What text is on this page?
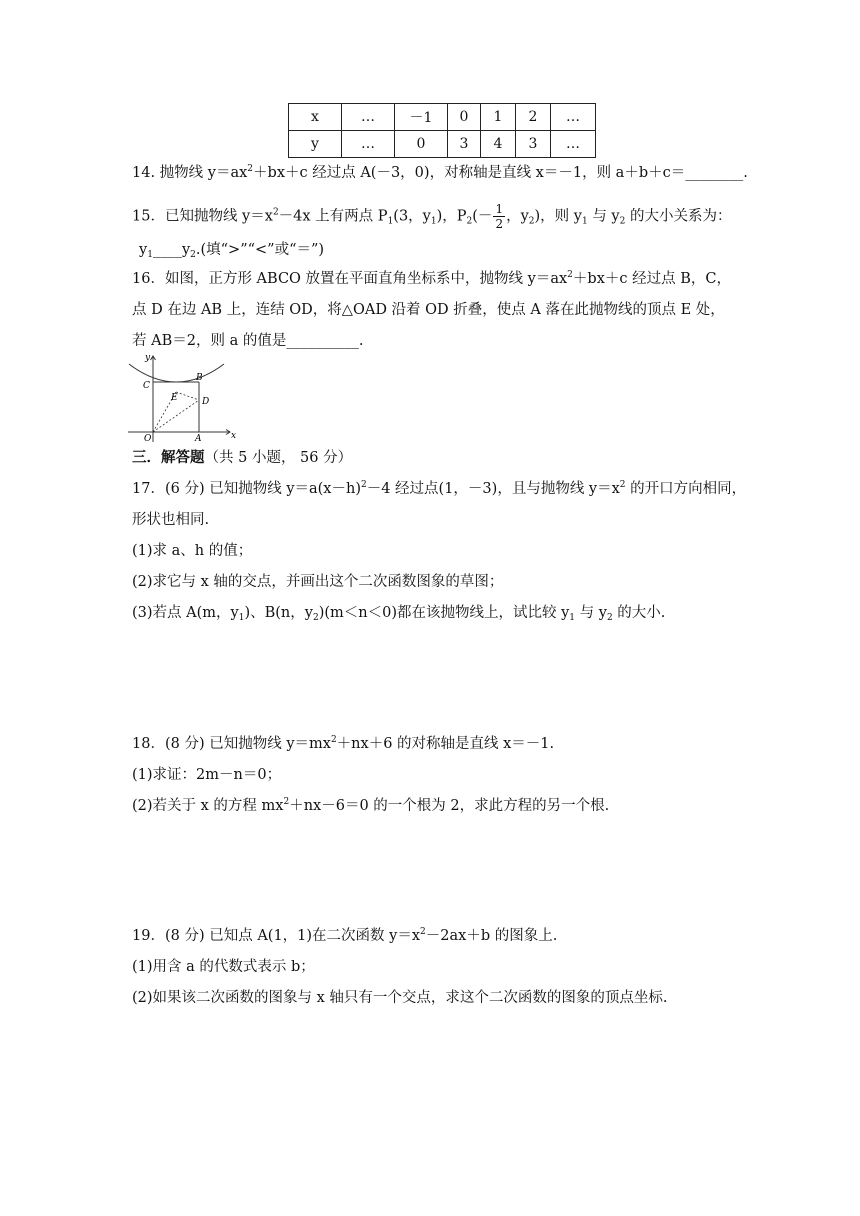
x	…	－1	0	1	2	…
y	…	0	3	4	3	…
14. 抛物线 $y=ax^2+bx+c$ 经过点 A(－3，0)，对称轴是直线 x＝－1，则 a＋b＋c＝________.
15．已知抛物线 $y=x^2-4x$ 上有两点 $P_1(3$，$y_1$)，$P_2(- \frac{1}{2}$ ，$y_2$)，则 $y_1$ 与 $y_2$ 的大小关系为：
$y_1\_\_\_\_y_2$.(填“>”“<”或“＝”)
16．如图，正方形 ABCO 放置在平面直角坐标系中，抛物线 $y=ax^2+bx+c$ 经过点 B，C，
点 D 在边 AB 上，连结 OD，将△OAD 沿着 OD 折叠，使点 A 落在此抛物线的顶点 E 处，
若 AB＝2，则 a 的值是__________.
y
x
O	A
B
C
D
E
三．解答题（共 5 小题， 56 分）
17．(6 分) 已知抛物线 $y=a(x-h)^2-4$ 经过点(1，－3)，且与抛物线 $y=x^2$ 的开口方向相同，
形状也相同.
(1)求 a、h 的值；
(2)求它与 x 轴的交点，并画出这个二次函数图象的草图；
(3)若点 A(m，$y_1$)、B(n，$y_2)(m<n<0)$都在该抛物线上，试比较 $y_1$ 与 $y_2$ 的大小.
18．(8 分) 已知抛物线 $y=mx^2+nx+6$ 的对称轴是直线 x＝－1.
(1)求证：2m－n＝0；
(2)若关于 x 的方程 $mx^2+nx-6=0$ 的一个根为 2，求此方程的另一个根.
19．(8 分) 已知点 A(1，1)在二次函数 $y=x^2-2ax+b$ 的图象上.
(1)用含 a 的代数式表示 b；
(2)如果该二次函数的图象与 x 轴只有一个交点，求这个二次函数的图象的顶点坐标.
